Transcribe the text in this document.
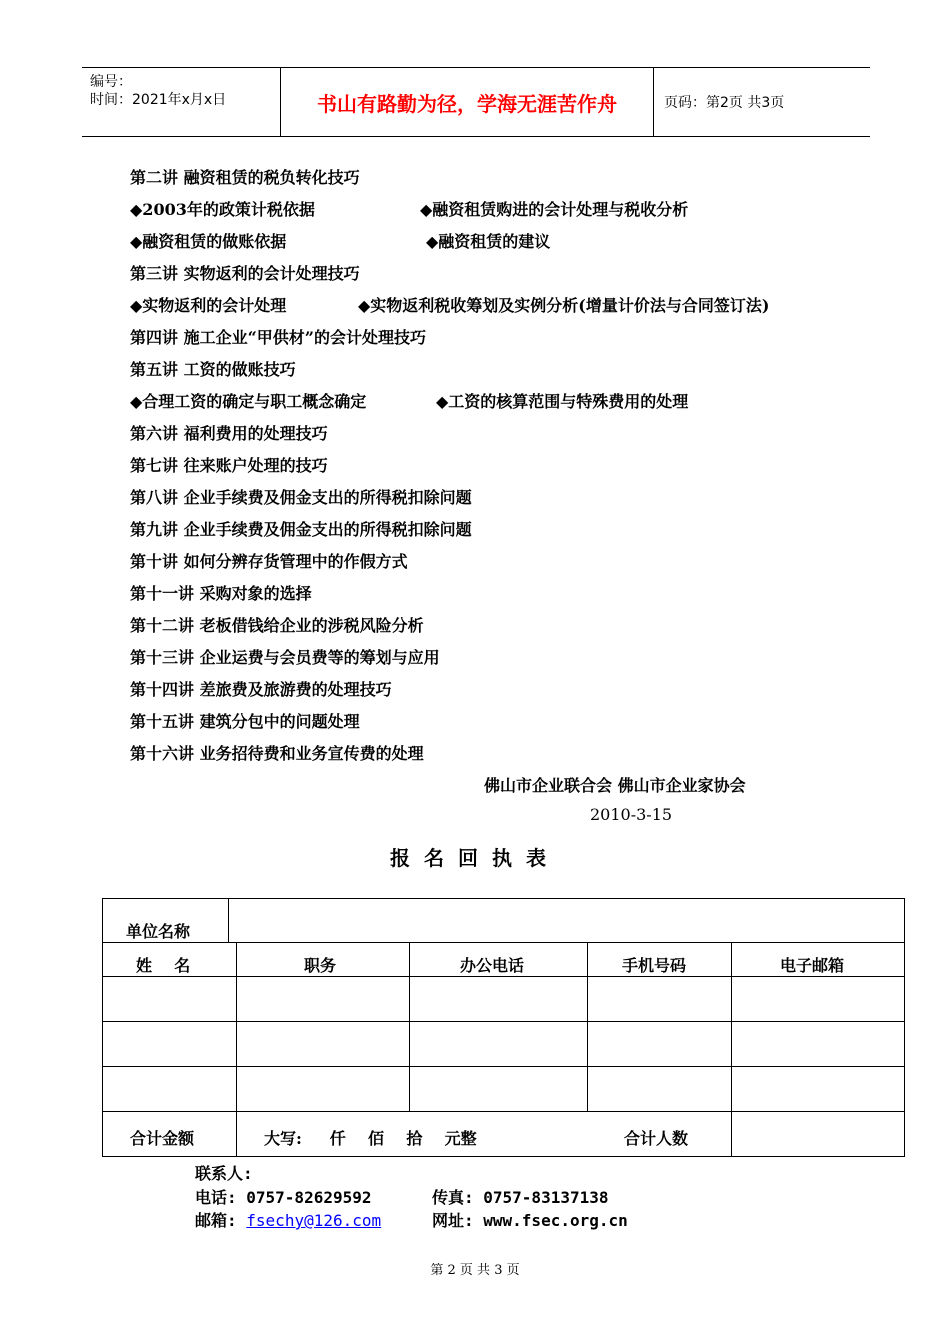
编号：
时间：2021年x月x日	书山有路勤为径，学海无涯苦作舟	页码：第2页 共3页
第二讲 融资租赁的税负转化技巧
◆2003年的政策计税依据	◆融资租赁购进的会计处理与税收分析
◆融资租赁的做账依据	◆融资租赁的建议
第三讲 实物返利的会计处理技巧
◆实物返利的会计处理	◆实物返利税收筹划及实例分析(增量计价法与合同签订法)
第四讲 施工企业“甲供材”的会计处理技巧
第五讲 工资的做账技巧
◆合理工资的确定与职工概念确定	◆工资的核算范围与特殊费用的处理
第六讲 福利费用的处理技巧
第七讲 往来账户处理的技巧
第八讲 企业手续费及佣金支出的所得税扣除问题
第九讲 企业手续费及佣金支出的所得税扣除问题
第十讲 如何分辨存货管理中的作假方式
第十一讲 采购对象的选择
第十二讲 老板借钱给企业的涉税风险分析
第十三讲 企业运费与会员费等的筹划与应用
第十四讲 差旅费及旅游费的处理技巧
第十五讲 建筑分包中的问题处理
第十六讲 业务招待费和业务宣传费的处理
佛山市企业联合会 佛山市企业家协会
2010-3-15
报名回执表
单位名称
姓    名	职务	办公电话	手机号码	电子邮箱
合计金额	大写:     仟    佰    拾    元整	合计人数
联系人:
电话: 0757-82629592	传真: 0757-83137138
邮箱: fsechy@126.com	网址: www.fsec.org.cn
第 2 页 共 3 页
